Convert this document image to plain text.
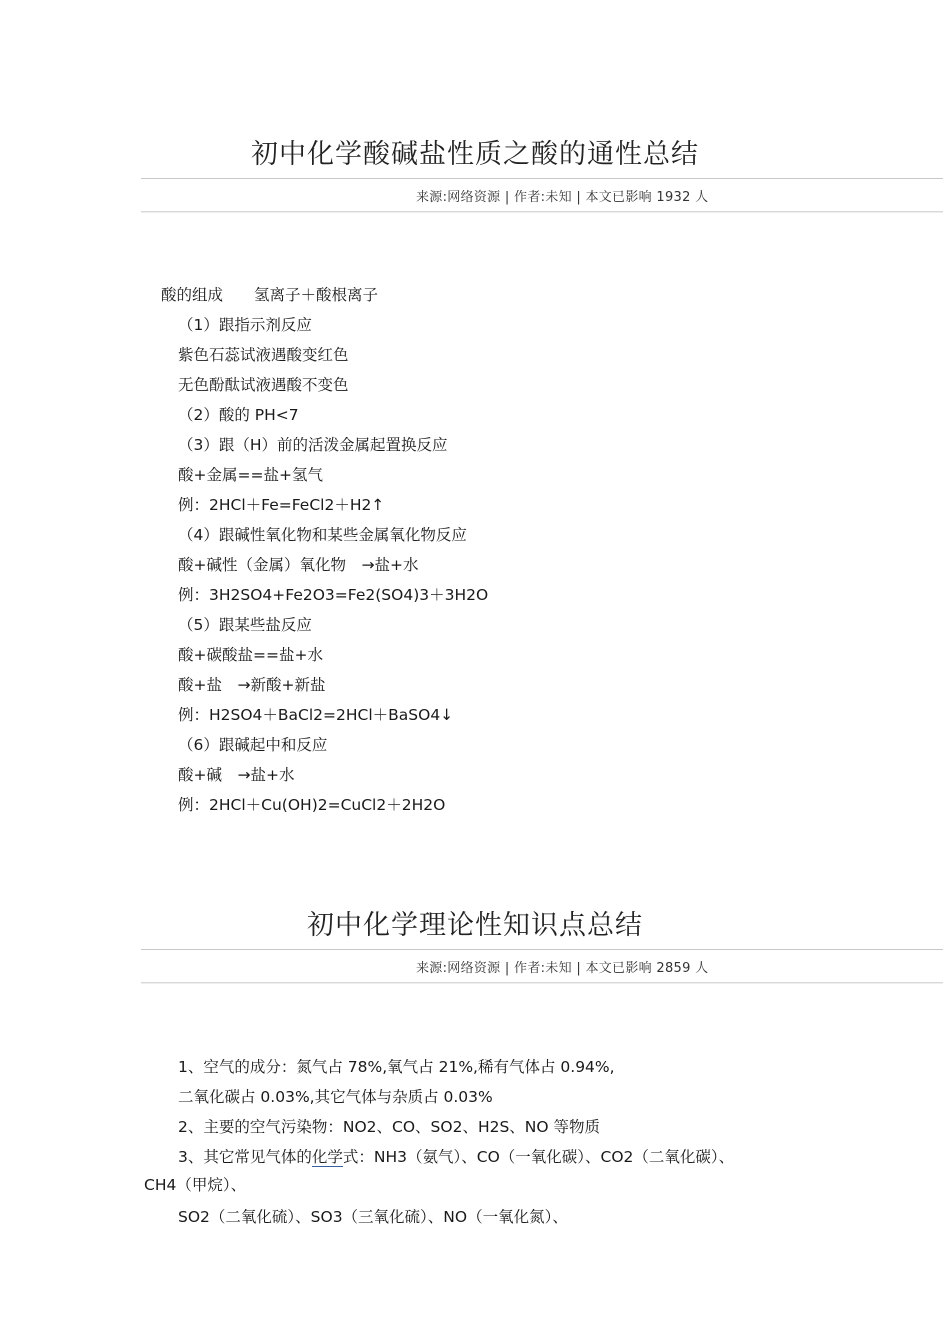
初中化学酸碱盐性质之酸的通性总结
来源:网络资源 | 作者:未知 | 本文已影响 1932 人
酸的组成　　氢离子＋酸根离子
（1）跟指示剂反应
紫色石蕊试液遇酸变红色
无色酚酞试液遇酸不变色
（2）酸的 PH<7
（3）跟（H）前的活泼金属起置换反应
酸+金属==盐+氢气
例：2HCl＋Fe=FeCl2＋H2↑
（4）跟碱性氧化物和某些金属氧化物反应
酸+碱性（金属）氧化物　→盐+水
例：3H2SO4+Fe2O3=Fe2(SO4)3＋3H2O
（5）跟某些盐反应
酸+碳酸盐==盐+水
酸+盐　→新酸+新盐
例：H2SO4＋BaCl2=2HCl＋BaSO4↓
（6）跟碱起中和反应
酸+碱　→盐+水
例：2HCl＋Cu(OH)2=CuCl2＋2H2O
初中化学理论性知识点总结
来源:网络资源 | 作者:未知 | 本文已影响 2859 人
1、空气的成分：氮气占 78%,氧气占 21%,稀有气体占 0.94%,
二氧化碳占 0.03%,其它气体与杂质占 0.03%
2、主要的空气污染物：NO2、CO、SO2、H2S、NO 等物质
3、其它常见气体的化学式：NH3（氨气）、CO（一氧化碳）、CO2（二氧化碳）、
CH4（甲烷）、
SO2（二氧化硫）、SO3（三氧化硫）、NO（一氧化氮）、
